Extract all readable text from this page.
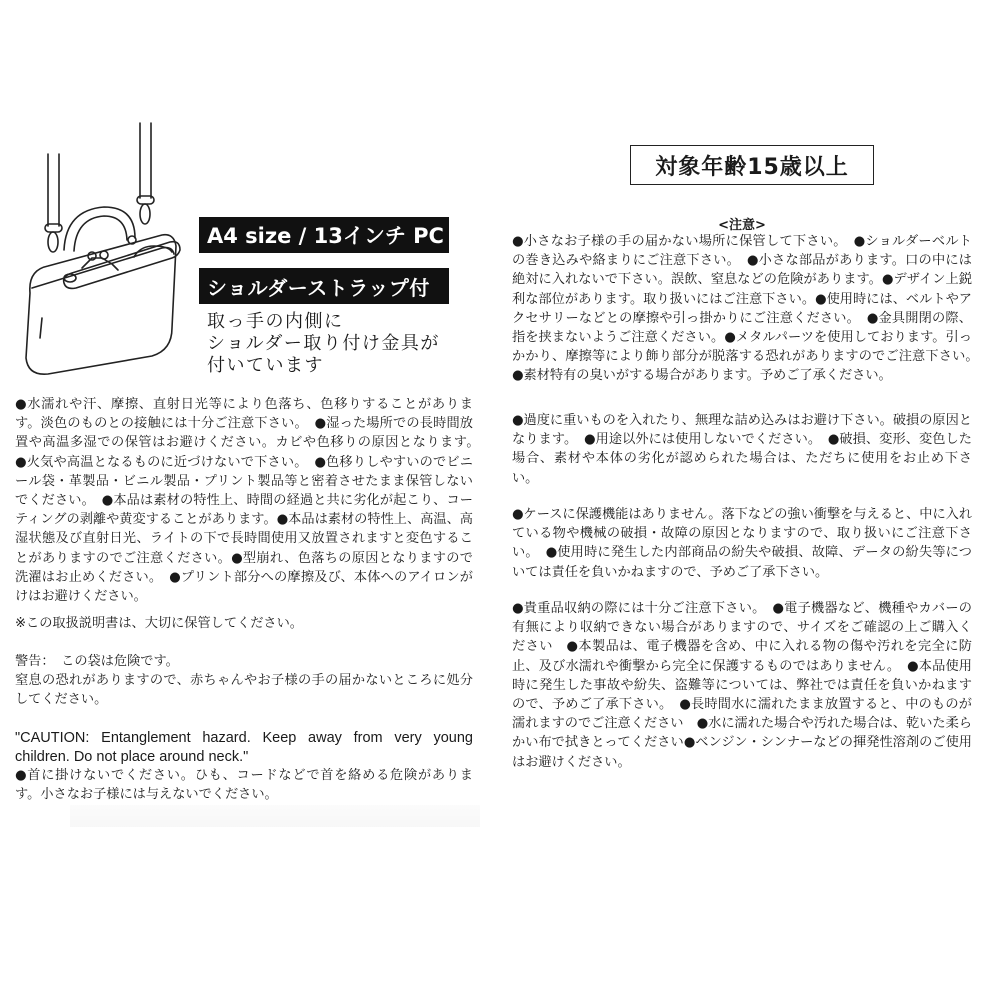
A4 size / 13インチ PC
ショルダーストラップ付
取っ手の内側に
ショルダー取り付け金具が
付いています
●水濡れや汗、摩擦、直射日光等により色落ち、色移りすることがあります。淡色のものとの接触には十分ご注意下さい。　●湿った場所での長時間放置や高温多湿での保管はお避けください。カビや色移りの原因となります。　●火気や高温となるものに近づけないで下さい。　●色移りしやすいのでビニール袋・革製品・ビニル製品・プリント製品等と密着させたまま保管しないでください。　●本品は素材の特性上、時間の経過と共に劣化が起こり、コーティングの剥離や黄変することがあります。●本品は素材の特性上、高温、高湿状態及び直射日光、ライトの下で長時間使用又放置されますと変色することがありますのでご注意ください。●型崩れ、色落ちの原因となりますので洗濯はお止めください。　●プリント部分への摩擦及び、本体へのアイロンがけはお避けください。
※この取扱説明書は、大切に保管してください。
警告：　この袋は危険です。
窒息の恐れがありますので、赤ちゃんやお子様の手の届かないところに処分してください。
"CAUTION: Entanglement hazard. Keep away from very young children. Do not place around neck."
●首に掛けないでください。ひも、コードなどで首を絡める危険があります。小さなお子様には与えないでください。
対象年齢15歳以上
<注意>
●小さなお子様の手の届かない場所に保管して下さい。　●ショルダーベルトの巻き込みや絡まりにご注意下さい。　●小さな部品があります。口の中には絶対に入れないで下さい。誤飲、窒息などの危険があります。●デザイン上鋭利な部位があります。取り扱いにはご注意下さい。●使用時には、ベルトやアクセサリーなどとの摩擦や引っ掛かりにご注意ください。　●金具開閉の際、指を挟まないようご注意ください。●メタルパーツを使用しております。引っかかり、摩擦等により飾り部分が脱落する恐れがありますのでご注意下さい。　●素材特有の臭いがする場合があります。予めご了承ください。
●過度に重いものを入れたり、無理な詰め込みはお避け下さい。破損の原因となります。　●用途以外には使用しないでください。　●破損、変形、変色した場合、素材や本体の劣化が認められた場合は、ただちに使用をお止め下さい。
●ケースに保護機能はありません。落下などの強い衝撃を与えると、中に入れている物や機械の破損・故障の原因となりますので、取り扱いにご注意下さい。　●使用時に発生した内部商品の紛失や破損、故障、データの紛失等については責任を負いかねますので、予めご了承下さい。
●貴重品収納の際には十分ご注意下さい。　●電子機器など、機種やカバーの有無により収納できない場合がありますので、サイズをご確認の上ご購入ください　●本製品は、電子機器を含め、中に入れる物の傷や汚れを完全に防止、及び水濡れや衝撃から完全に保護するものではありません。　●本品使用時に発生した事故や紛失、盗難等については、弊社では責任を負いかねますので、予めご了承下さい。　●長時間水に濡れたまま放置すると、中のものが濡れますのでご注意ください　●水に濡れた場合や汚れた場合は、乾いた柔らかい布で拭きとってください●ベンジン・シンナーなどの揮発性溶剤のご使用はお避けください。
